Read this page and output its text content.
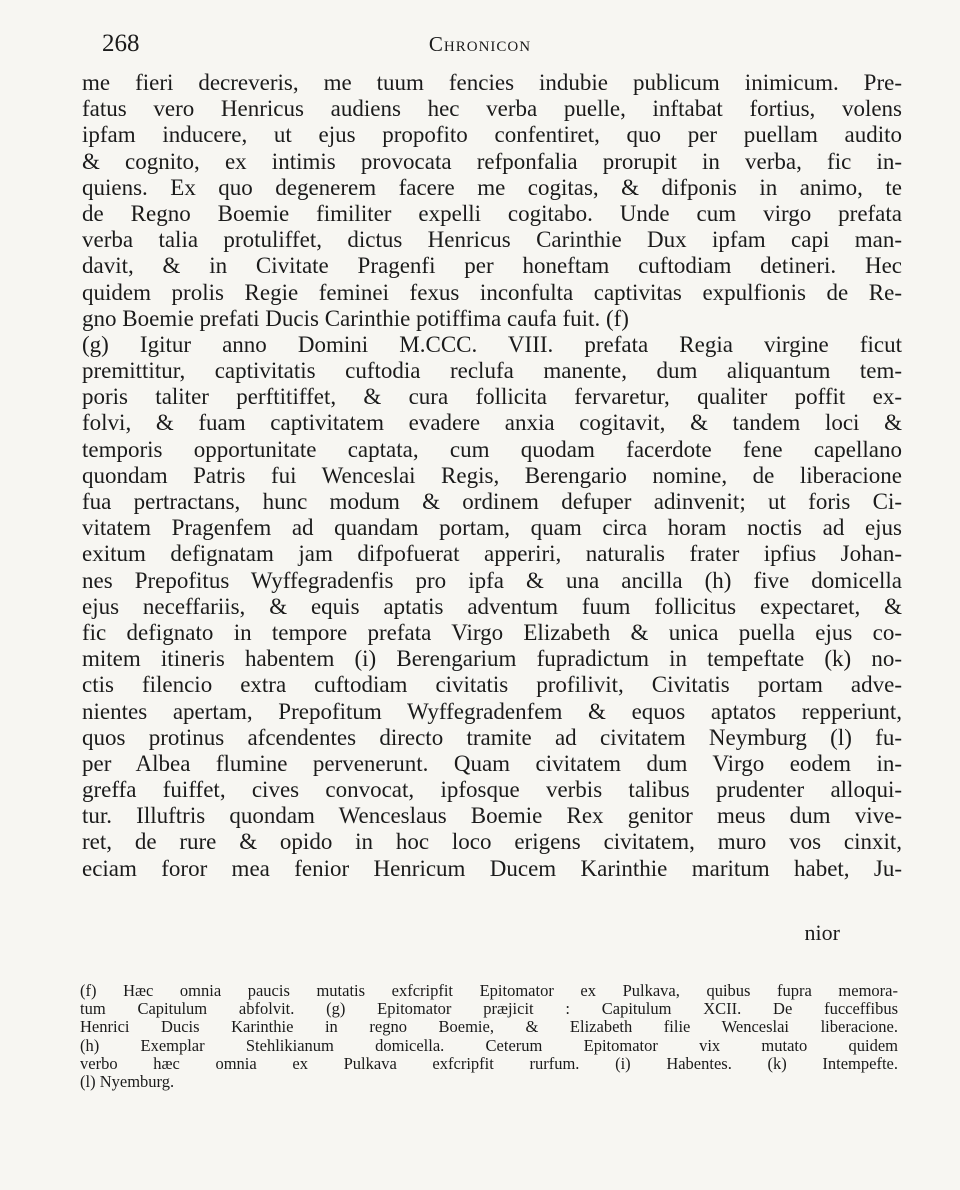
268	Chronicon
me fieri decreveris, me tuum fencies indubie publicum inimicum. Pre-
fatus vero Henricus audiens hec verba puelle, inftabat fortius, volens
ipfam inducere, ut ejus propofito confentiret, quo per puellam audito
& cognito, ex intimis provocata refponfalia prorupit in verba, fic in-
quiens. Ex quo degenerem facere me cogitas, & difponis in animo, te
de Regno Boemie fimiliter expelli cogitabo. Unde cum virgo prefata
verba talia protuliffet, dictus Henricus Carinthie Dux ipfam capi man-
davit, & in Civitate Pragenfi per honeftam cuftodiam detineri. Hec
quidem prolis Regie feminei fexus inconfulta captivitas expulfionis de Re-
gno Boemie prefati Ducis Carinthie potiffima caufa fuit. (f)
(g) Igitur anno Domini M.CCC. VIII. prefata Regia virgine ficut
premittitur, captivitatis cuftodia reclufa manente, dum aliquantum tem-
poris taliter perftitiffet, & cura follicita fervaretur, qualiter poffit ex-
folvi, & fuam captivitatem evadere anxia cogitavit, & tandem loci &
temporis opportunitate captata, cum quodam facerdote fene capellano
quondam Patris fui Wenceslai Regis, Berengario nomine, de liberacione
fua pertractans, hunc modum & ordinem defuper adinvenit; ut foris Ci-
vitatem Pragenfem ad quandam portam, quam circa horam noctis ad ejus
exitum defignatam jam difpofuerat apperiri, naturalis frater ipfius Johan-
nes Prepofitus Wyffegradenfis pro ipfa & una ancilla (h) five domicella
ejus neceffariis, & equis aptatis adventum fuum follicitus expectaret, &
fic defignato in tempore prefata Virgo Elizabeth & unica puella ejus co-
mitem itineris habentem (i) Berengarium fupradictum in tempeftate (k) no-
ctis filencio extra cuftodiam civitatis profilivit, Civitatis portam adve-
nientes apertam, Prepofitum Wyffegradenfem & equos aptatos repperiunt,
quos protinus afcendentes directo tramite ad civitatem Neymburg (l) fu-
per Albea flumine pervenerunt. Quam civitatem dum Virgo eodem in-
greffa fuiffet, cives convocat, ipfosque verbis talibus prudenter alloqui-
tur. Illuftris quondam Wenceslaus Boemie Rex genitor meus dum vive-
ret, de rure & opido in hoc loco erigens civitatem, muro vos cinxit,
eciam foror mea fenior Henricum Ducem Karinthie maritum habet, Ju-
nior
(f) Hæc omnia paucis mutatis exfcripfit Epitomator ex Pulkava, quibus fupra memora-
tum Capitulum abfolvit. (g) Epitomator præjicit : Capitulum XCII. De fucceffibus
Henrici Ducis Karinthie in regno Boemie, & Elizabeth filie Wenceslai liberacione.
(h) Exemplar Stehlikianum domicella. Ceterum Epitomator vix mutato quidem
verbo hæc omnia ex Pulkava exfcripfit rurfum. (i) Habentes. (k) Intempefte.
(l) Nyemburg.
